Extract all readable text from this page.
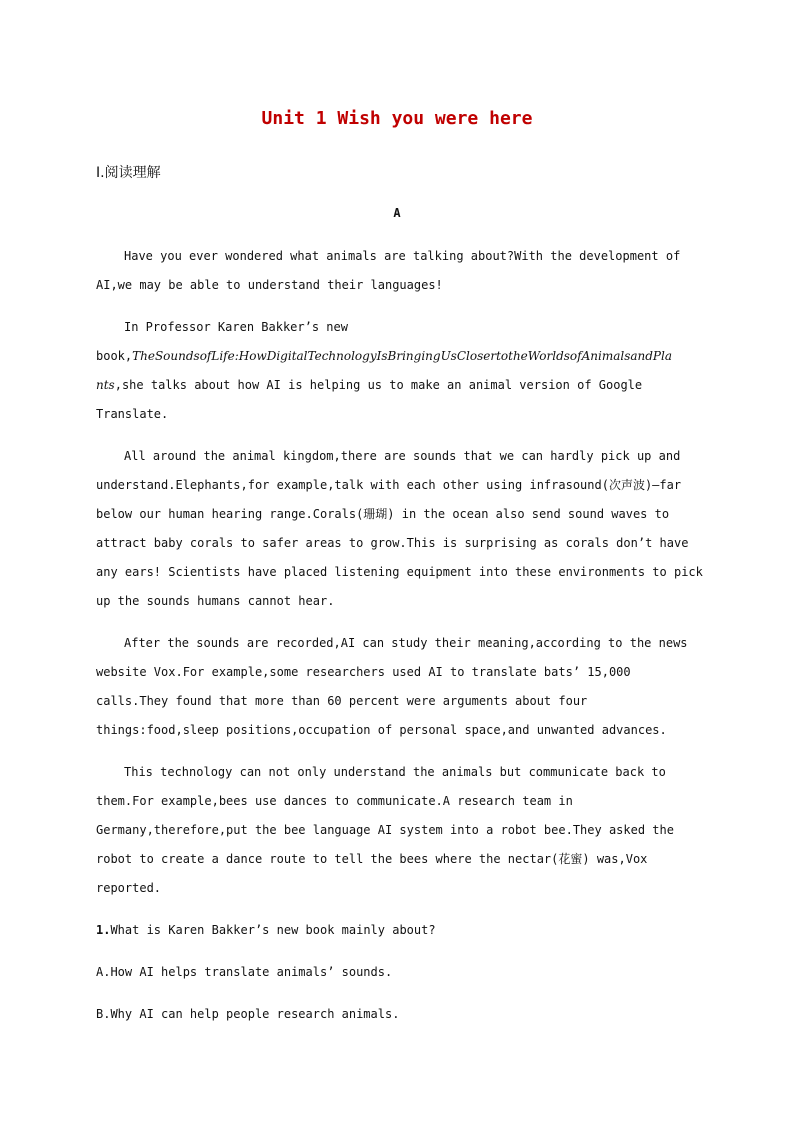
Unit 1 Wish you were here
Ⅰ.阅读理解
A
Have you ever wondered what animals are talking about?With the development of
AI,we may be able to understand their languages!
In Professor Karen Bakker’s new
book,TheSoundsofLife:HowDigitalTechnologyIsBringingUsClosertotheWorldsofAnimalsandPla
nts,she talks about how AI is helping us to make an animal version of Google
Translate.
All around the animal kingdom,there are sounds that we can hardly pick up and
understand.Elephants,for example,talk with each other using infrasound(次声波)—far
below our human hearing range.Corals(珊瑚) in the ocean also send sound waves to
attract baby corals to safer areas to grow.This is surprising as corals don’t have
any ears! Scientists have placed listening equipment into these environments to pick
up the sounds humans cannot hear.
After the sounds are recorded,AI can study their meaning,according to the news
website Vox.For example,some researchers used AI to translate bats’ 15,000
calls.They found that more than 60 percent were arguments about four
things:food,sleep positions,occupation of personal space,and unwanted advances.
This technology can not only understand the animals but communicate back to
them.For example,bees use dances to communicate.A research team in
Germany,therefore,put the bee language AI system into a robot bee.They asked the
robot to create a dance route to tell the bees where the nectar(花蜜) was,Vox
reported.
1.What is Karen Bakker’s new book mainly about?
A.How AI helps translate animals’ sounds.
B.Why AI can help people research animals.
